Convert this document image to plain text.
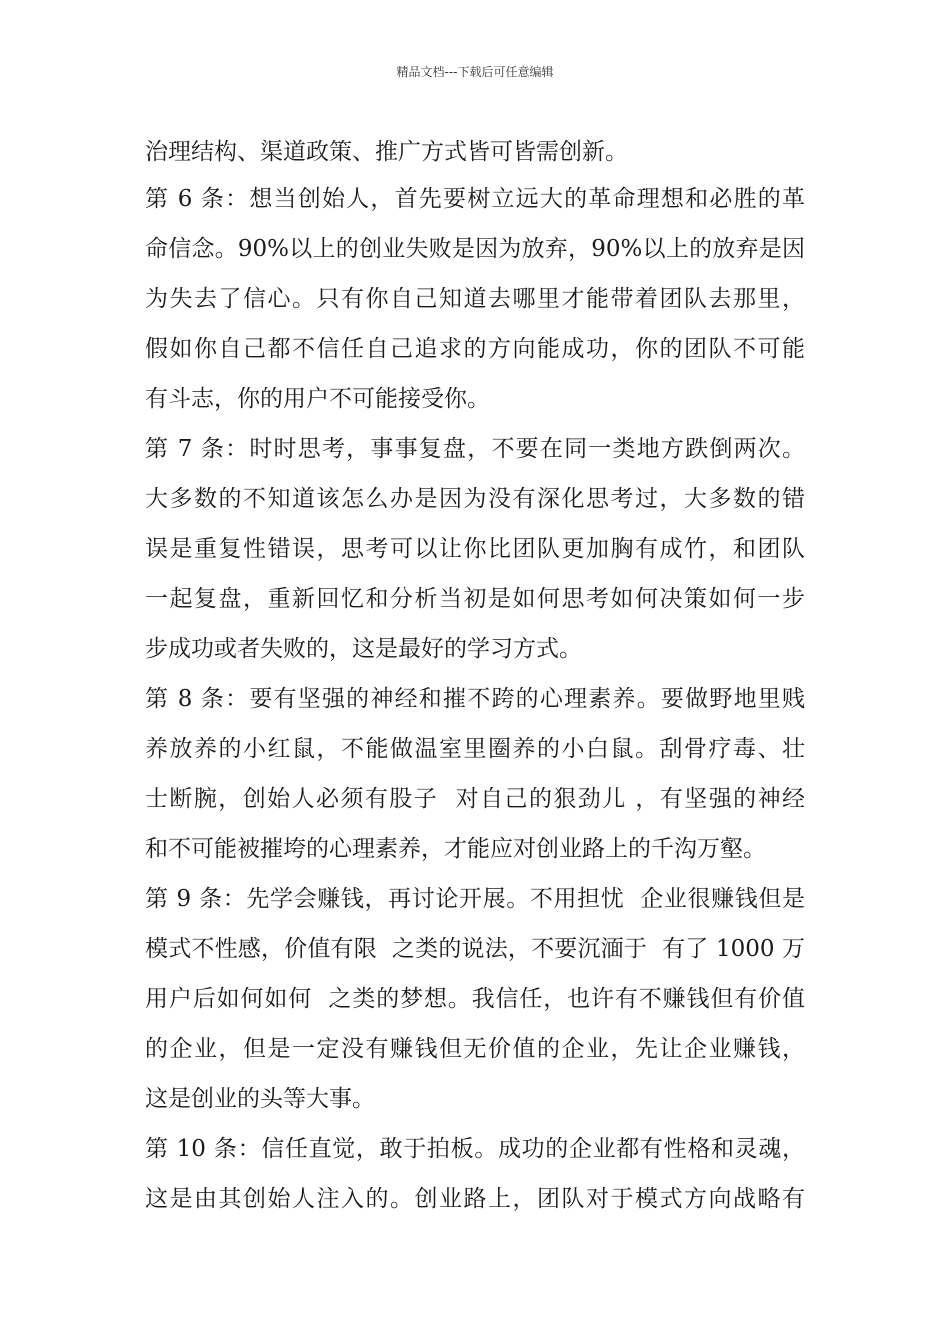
精品文档---下载后可任意编辑
治理结构、渠道政策、推广方式皆可皆需创新。
第 6 条：想当创始人，首先要树立远大的革命理想和必胜的革
命信念。90%以上的创业失败是因为放弃，90%以上的放弃是因
为失去了信心。只有你自己知道去哪里才能带着团队去那里，
假如你自己都不信任自己追求的方向能成功，你的团队不可能
有斗志，你的用户不可能接受你。
第 7 条：时时思考，事事复盘，不要在同一类地方跌倒两次。
大多数的不知道该怎么办是因为没有深化思考过，大多数的错
误是重复性错误，思考可以让你比团队更加胸有成竹，和团队
一起复盘，重新回忆和分析当初是如何思考如何决策如何一步
步成功或者失败的，这是最好的学习方式。
第 8 条：要有坚强的神经和摧不跨的心理素养。要做野地里贱
养放养的小红鼠，不能做温室里圈养的小白鼠。刮骨疗毒、壮
士断腕，创始人必须有股子  对自己的狠劲儿 ，有坚强的神经
和不可能被摧垮的心理素养，才能应对创业路上的千沟万壑。
第 9 条：先学会赚钱，再讨论开展。不用担忧  企业很赚钱但是
模式不性感，价值有限  之类的说法，不要沉湎于  有了 1000 万
用户后如何如何  之类的梦想。我信任，也许有不赚钱但有价值
的企业，但是一定没有赚钱但无价值的企业，先让企业赚钱，
这是创业的头等大事。
第 10 条：信任直觉，敢于拍板。成功的企业都有性格和灵魂，
这是由其创始人注入的。创业路上，团队对于模式方向战略有
